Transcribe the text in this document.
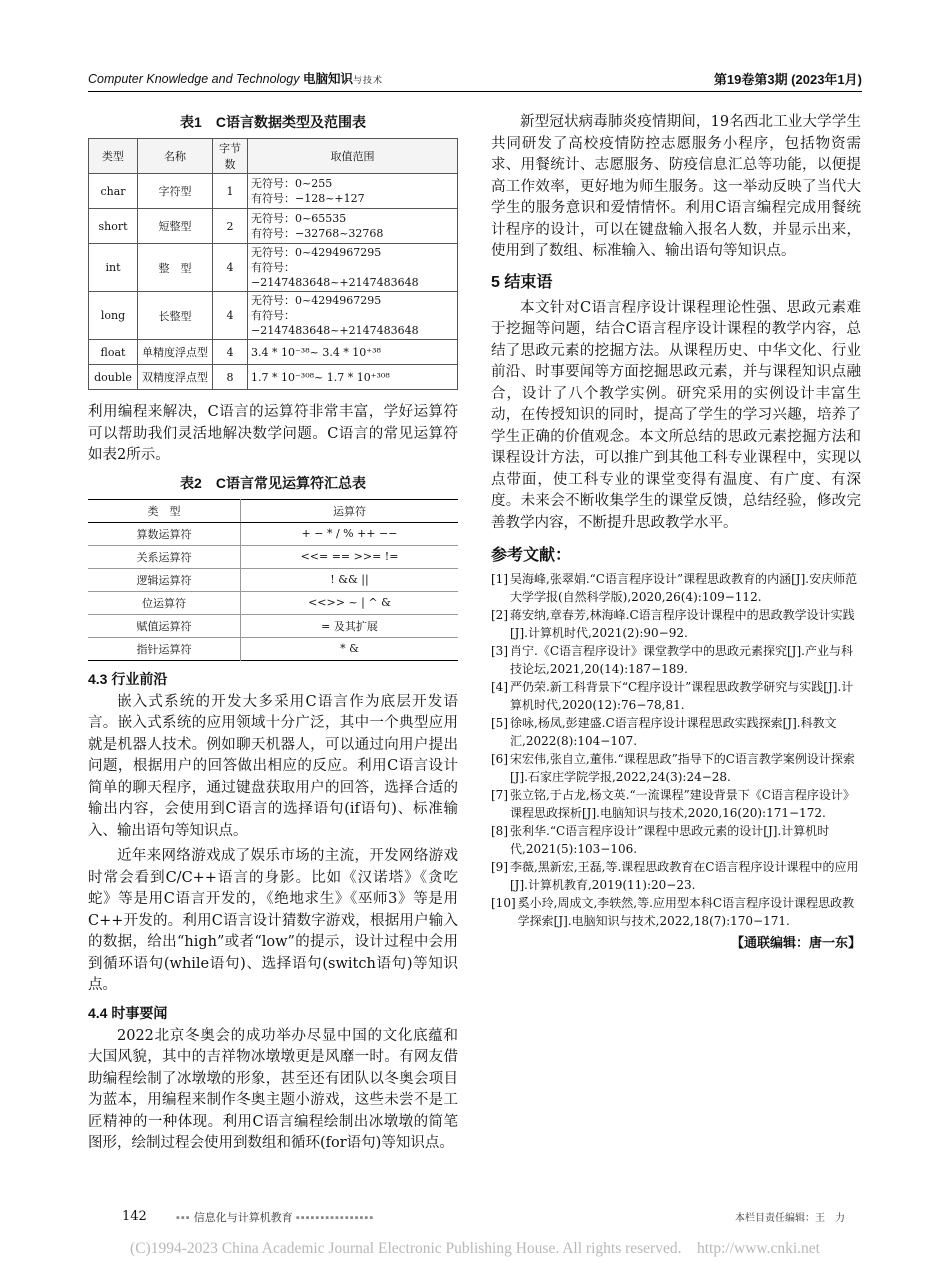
Computer Knowledge and Technology 电脑知识与技术	第19卷第3期 (2023年1月)
表1　C语言数据类型及范围表
类型	名称	字节数	取值范围
char	字符型	1	无符号：0~255
有符号：−128~+127
short	短整型	2	无符号：0~65535
有符号：−32768~32768
int	整　型	4	无符号：0~4294967295
有符号：−2147483648~+2147483648
long	长整型	4	无符号：0~4294967295
有符号：−2147483648~+2147483648
float	单精度浮点型	4	3.4 * 10⁻³⁸~ 3.4 * 10⁺³⁸
double	双精度浮点型	8	1.7 * 10⁻³⁰⁸~ 1.7 * 10⁺³⁰⁸

利用编程来解决，C语言的运算符非常丰富，学好运算符可以帮助我们灵活地解决数学问题。C语言的常见运算符如表2所示。

表2　C语言常见运算符汇总表
类　型	运算符
算数运算符	+ − * / % ++ −−
关系运算符	<<= == >>= !=
逻辑运算符	! && ||
位运算符	<<>> ~ | ^ &
赋值运算符	= 及其扩展
指针运算符	* &
4.3 行业前沿

嵌入式系统的开发大多采用C语言作为底层开发语言。嵌入式系统的应用领域十分广泛，其中一个典型应用就是机器人技术。例如聊天机器人，可以通过向用户提出问题，根据用户的回答做出相应的反应。利用C语言设计简单的聊天程序，通过键盘获取用户的回答，选择合适的输出内容，会使用到C语言的选择语句(if语句)、标准输入、输出语句等知识点。

近年来网络游戏成了娱乐市场的主流，开发网络游戏时常会看到C/C++语言的身影。比如《汉诺塔》《贪吃蛇》等是用C语言开发的，《绝地求生》《巫师3》等是用C++开发的。利用C语言设计猜数字游戏，根据用户输入的数据，给出“high”或者“low”的提示，设计过程中会用到循环语句(while语句)、选择语句(switch语句)等知识点。

4.4 时事要闻

2022北京冬奥会的成功举办尽显中国的文化底蕴和大国风貌，其中的吉祥物冰墩墩更是风靡一时。有网友借助编程绘制了冰墩墩的形象，甚至还有团队以冬奥会项目为蓝本，用编程来制作冬奥主题小游戏，这些未尝不是工匠精神的一种体现。利用C语言编程绘制出冰墩墩的简笔图形，绘制过程会使用到数组和循环(for语句)等知识点。

新型冠状病毒肺炎疫情期间，19名西北工业大学学生共同研发了高校疫情防控志愿服务小程序，包括物资需求、用餐统计、志愿服务、防疫信息汇总等功能，以便提高工作效率，更好地为师生服务。这一举动反映了当代大学生的服务意识和爱情情怀。利用C语言编程完成用餐统计程序的设计，可以在键盘输入报名人数，并显示出来，使用到了数组、标准输入、输出语句等知识点。

5 结束语

本文针对C语言程序设计课程理论性强、思政元素难于挖掘等问题，结合C语言程序设计课程的教学内容，总结了思政元素的挖掘方法。从课程历史、中华文化、行业前沿、时事要闻等方面挖掘思政元素，并与课程知识点融合，设计了八个教学实例。研究采用的实例设计丰富生动，在传授知识的同时，提高了学生的学习兴趣，培养了学生正确的价值观念。本文所总结的思政元素挖掘方法和课程设计方法，可以推广到其他工科专业课程中，实现以点带面，使工科专业的课堂变得有温度、有广度、有深度。未来会不断收集学生的课堂反馈，总结经验，修改完善教学内容，不断提升思政教学水平。

参考文献：
[1] 吴海峰,张翠娟.“C语言程序设计”课程思政教育的内涵[J].安庆师范大学学报(自然科学版),2020,26(4):109−112.
[2] 蒋安纳,章春芳,林海峰.C语言程序设计课程中的思政教学设计实践[J].计算机时代,2021(2):90−92.
[3] 肖宁.《C语言程序设计》课堂教学中的思政元素探究[J].产业与科技论坛,2021,20(14):187−189.
[4] 严仍荣.新工科背景下“C程序设计”课程思政教学研究与实践[J].计算机时代,2020(12):76−78,81.
[5] 徐咏,杨凤,彭建盛.C语言程序设计课程思政实践探索[J].科教文汇,2022(8):104−107.
[6] 宋宏伟,张自立,董伟.“课程思政”指导下的C语言教学案例设计探索[J].石家庄学院学报,2022,24(3):24−28.
[7] 张立铭,于占龙,杨文英.“一流课程”建设背景下《C语言程序设计》课程思政探析[J].电脑知识与技术,2020,16(20):171−172.
[8] 张利华.“C语言程序设计”课程中思政元素的设计[J].计算机时代,2021(5):103−106.
[9] 李薇,黑新宏,王磊,等.课程思政教育在C语言程序设计课程中的应用[J].计算机教育,2019(11):20−23.
[10] 奚小玲,周成文,李轶然,等.应用型本科C语言程序设计课程思政教学探索[J].电脑知识与技术,2022,18(7):170−171.
【通联编辑：唐一东】
142	▪▪▪ 信息化与计算机教育 ▪▪▪▪▪▪▪▪▪▪▪▪▪▪▪▪	本栏目责任编辑：王　力
(C)1994-2023 China Academic Journal Electronic Publishing House. All rights reserved.　http://www.cnki.net
